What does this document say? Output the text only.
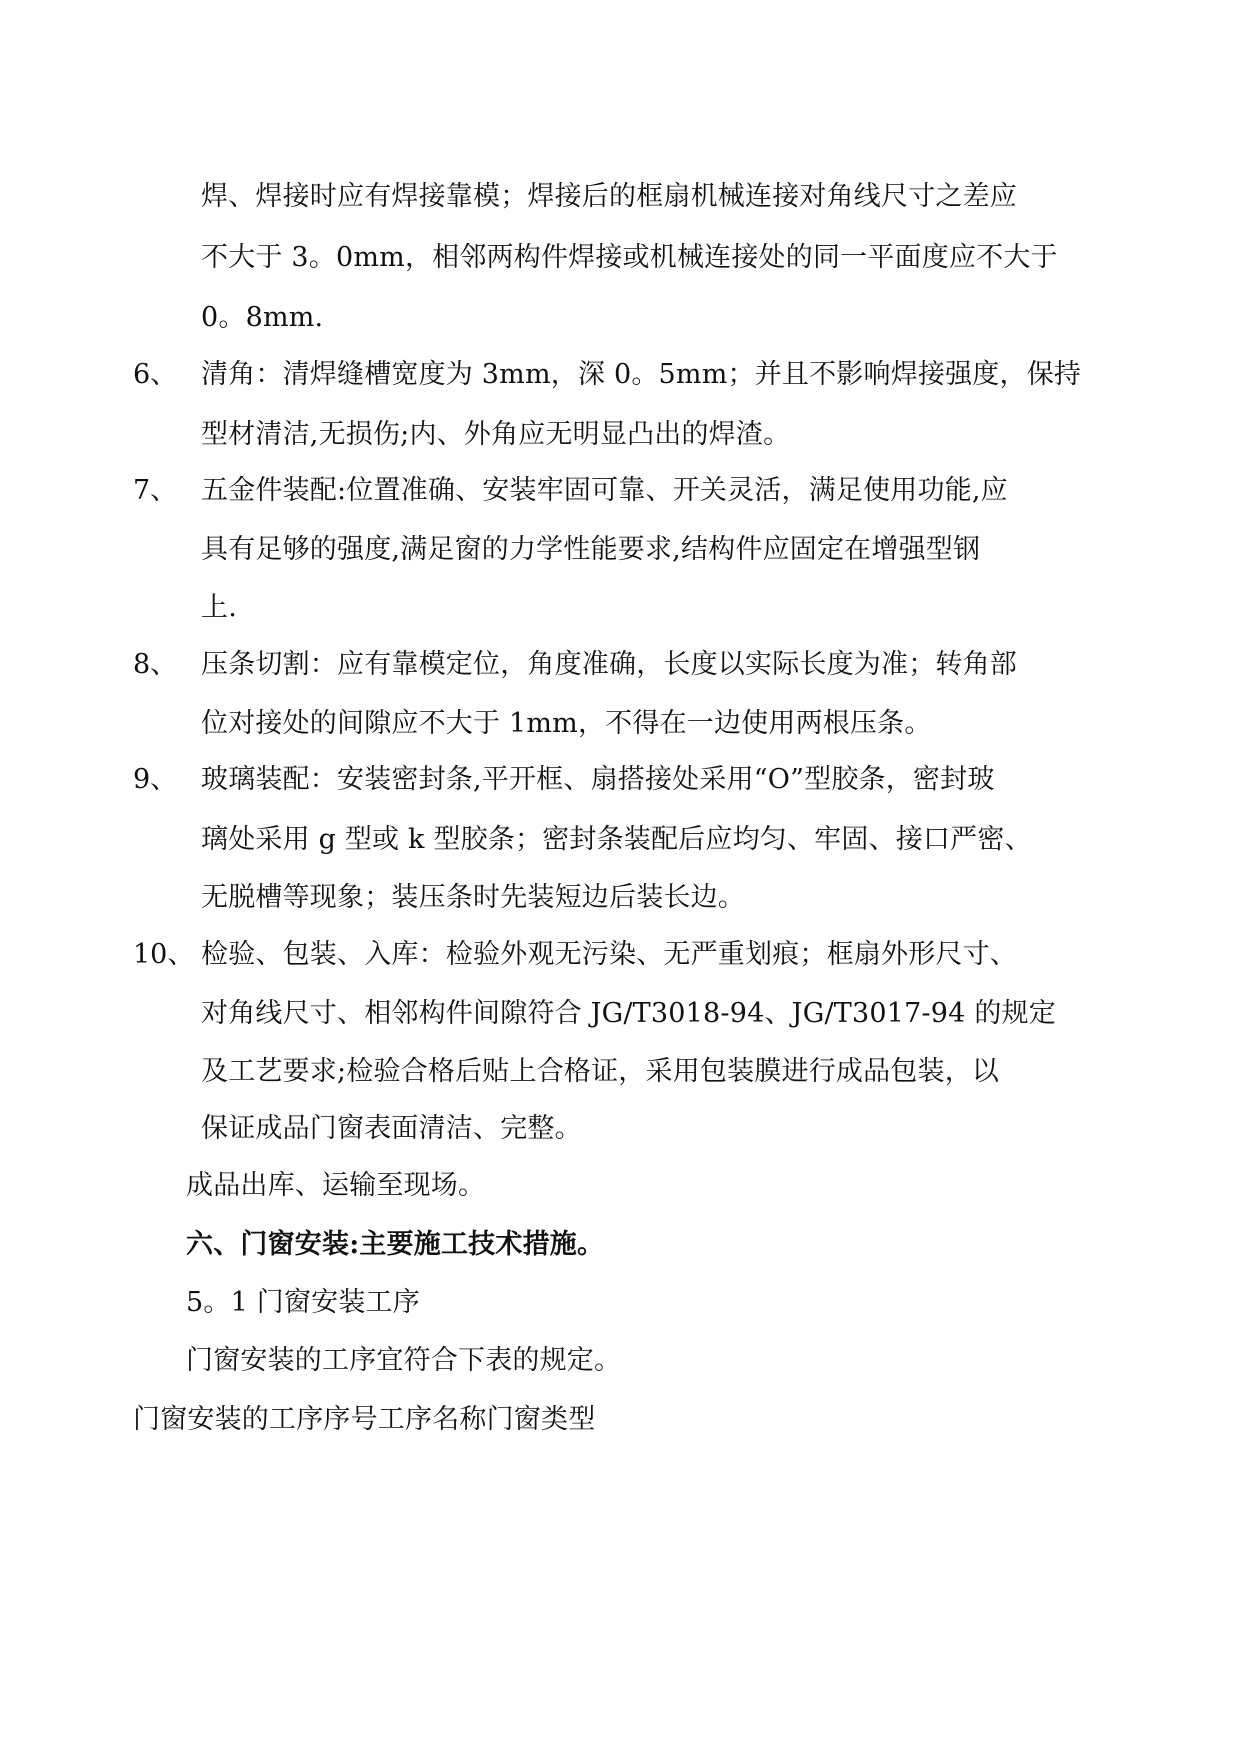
焊、焊接时应有焊接靠模；焊接后的框扇机械连接对角线尺寸之差应
不大于 3。0mm，相邻两构件焊接或机械连接处的同一平面度应不大于
0。8mm.
6、 清角：清焊缝槽宽度为 3mm，深 0。5mm；并且不影响焊接强度，保持
型材清洁,无损伤;内、外角应无明显凸出的焊渣。
7、 五金件装配:位置准确、安装牢固可靠、开关灵活，满足使用功能,应
具有足够的强度,满足窗的力学性能要求,结构件应固定在增强型钢
上.
8、 压条切割：应有靠模定位，角度准确，长度以实际长度为准；转角部
位对接处的间隙应不大于 1mm，不得在一边使用两根压条。
9、 玻璃装配：安装密封条,平开框、扇搭接处采用“O”型胶条，密封玻
璃处采用 g 型或 k 型胶条；密封条装配后应均匀、牢固、接口严密、
无脱槽等现象；装压条时先装短边后装长边。
10、 检验、包装、入库：检验外观无污染、无严重划痕；框扇外形尺寸、
对角线尺寸、相邻构件间隙符合 JG/T3018-94、JG/T3017-94 的规定
及工艺要求;检验合格后贴上合格证，采用包装膜进行成品包装，以
保证成品门窗表面清洁、完整。
成品出库、运输至现场。
六、门窗安装:主要施工技术措施。
5。1 门窗安装工序
门窗安装的工序宜符合下表的规定。
门窗安装的工序序号工序名称门窗类型
